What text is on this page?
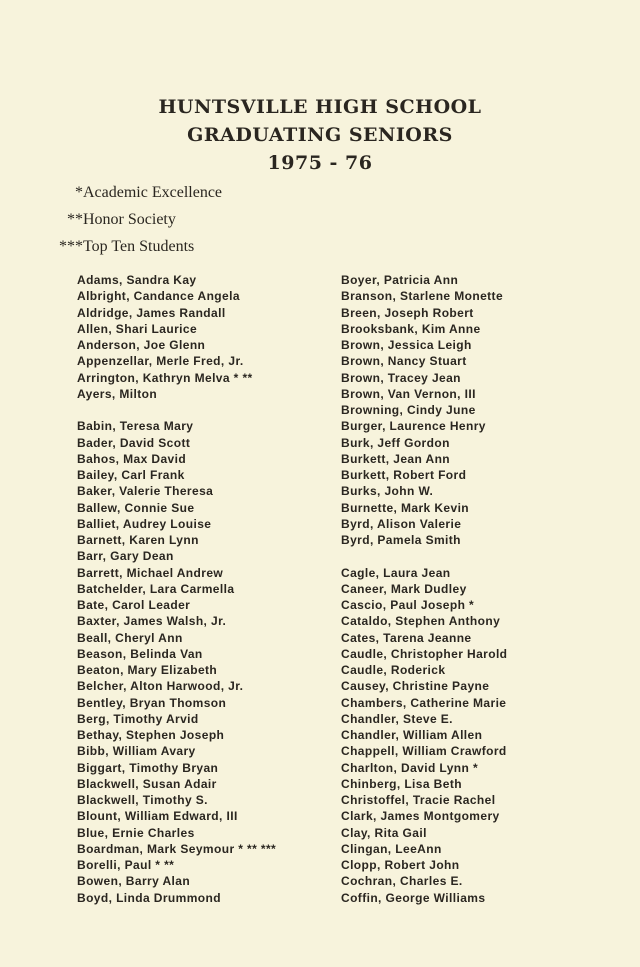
HUNTSVILLE HIGH SCHOOL
GRADUATING SENIORS
1975 - 76
*Academic Excellence
**Honor Society
***Top Ten Students
Adams, Sandra Kay
Albright, Candance Angela
Aldridge, James Randall
Allen, Shari Laurice
Anderson, Joe Glenn
Appenzellar, Merle Fred, Jr.
Arrington, Kathryn Melva * **
Ayers, Milton
Babin, Teresa Mary
Bader, David Scott
Bahos, Max David
Bailey, Carl Frank
Baker, Valerie Theresa
Ballew, Connie Sue
Balliet, Audrey Louise
Barnett, Karen Lynn
Barr, Gary Dean
Barrett, Michael Andrew
Batchelder, Lara Carmella
Bate, Carol Leader
Baxter, James Walsh, Jr.
Beall, Cheryl Ann
Beason, Belinda Van
Beaton, Mary Elizabeth
Belcher, Alton Harwood, Jr.
Bentley, Bryan Thomson
Berg, Timothy Arvid
Bethay, Stephen Joseph
Bibb, William Avary
Biggart, Timothy Bryan
Blackwell, Susan Adair
Blackwell, Timothy S.
Blount, William Edward, III
Blue, Ernie Charles
Boardman, Mark Seymour * ** ***
Borelli, Paul * **
Bowen, Barry Alan
Boyd, Linda Drummond
Boyer, Patricia Ann
Branson, Starlene Monette
Breen, Joseph Robert
Brooksbank, Kim Anne
Brown, Jessica Leigh
Brown, Nancy Stuart
Brown, Tracey Jean
Brown, Van Vernon, III
Browning, Cindy June
Burger, Laurence Henry
Burk, Jeff Gordon
Burkett, Jean Ann
Burkett, Robert Ford
Burks, John W.
Burnette, Mark Kevin
Byrd, Alison Valerie
Byrd, Pamela Smith
Cagle, Laura Jean
Caneer, Mark Dudley
Cascio, Paul Joseph *
Cataldo, Stephen Anthony
Cates, Tarena Jeanne
Caudle, Christopher Harold
Caudle, Roderick
Causey, Christine Payne
Chambers, Catherine Marie
Chandler, Steve E.
Chandler, William Allen
Chappell, William Crawford
Charlton, David Lynn *
Chinberg, Lisa Beth
Christoffel, Tracie Rachel
Clark, James Montgomery
Clay, Rita Gail
Clingan, LeeAnn
Clopp, Robert John
Cochran, Charles E.
Coffin, George Williams
